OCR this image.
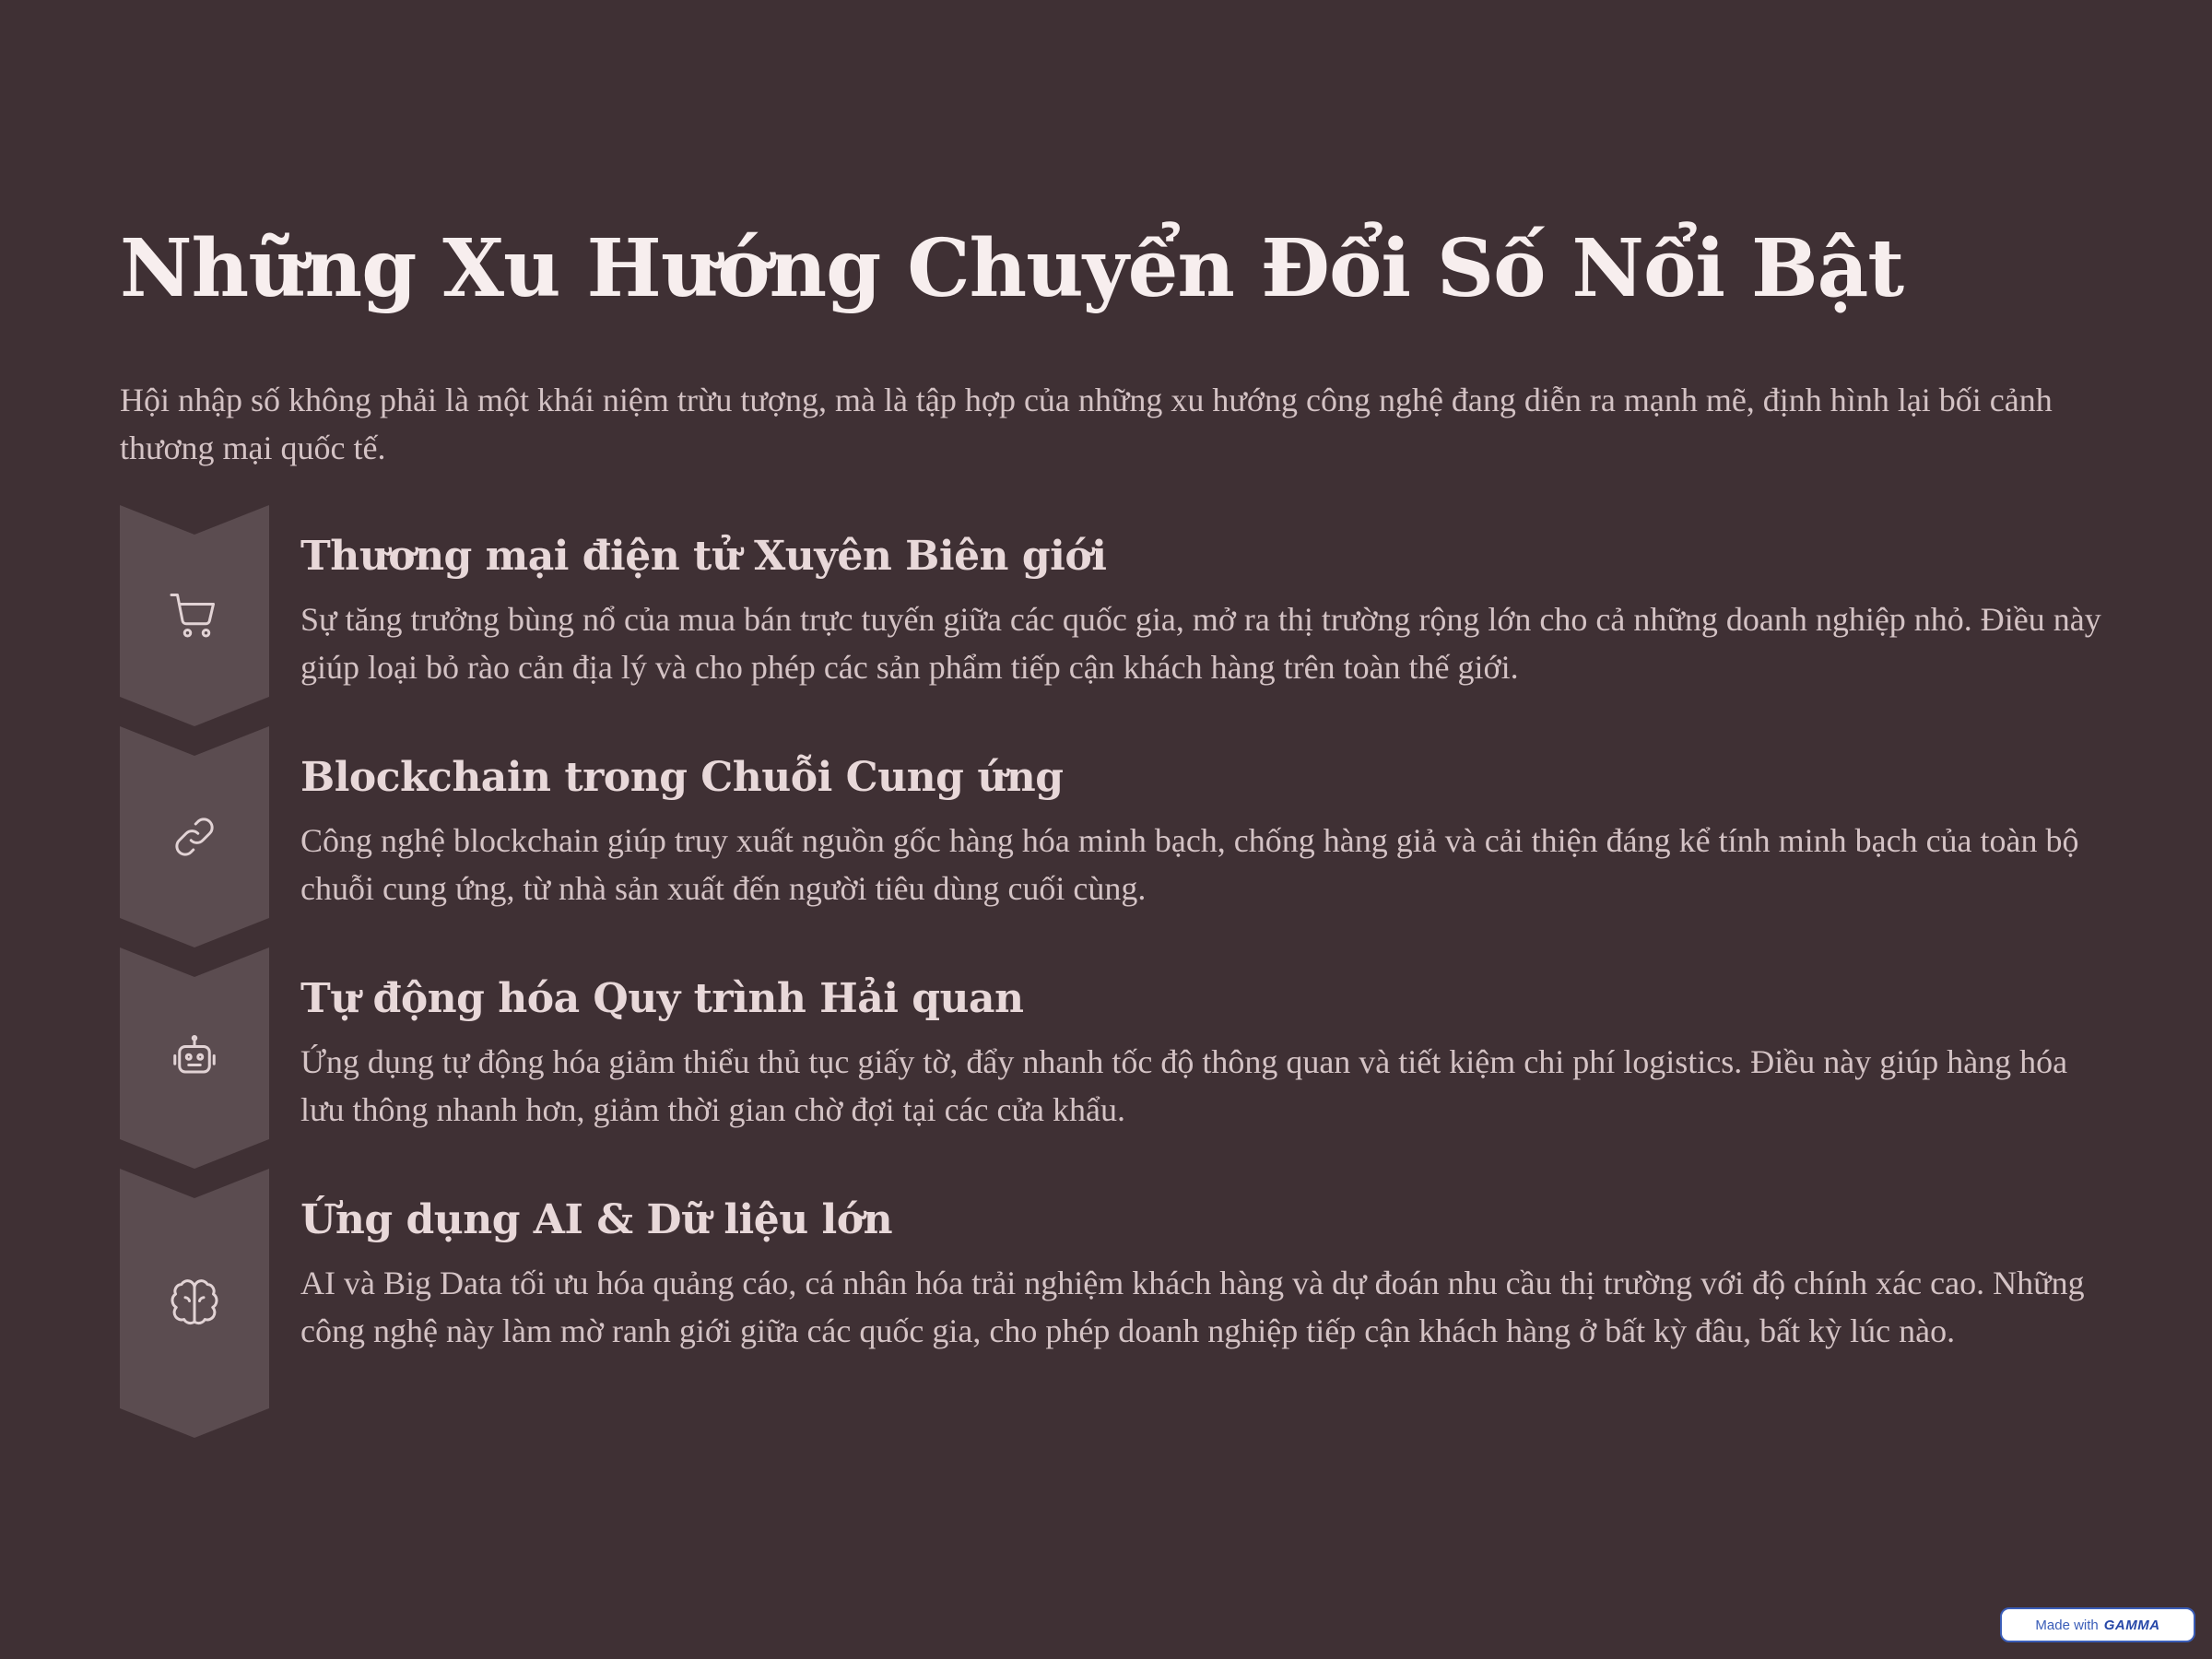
Những Xu Hướng Chuyển Đổi Số Nổi Bật

Hội nhập số không phải là một khái niệm trừu tượng, mà là tập hợp của những xu hướng công nghệ đang diễn ra mạnh mẽ, định hình lại bối cảnh thương mại quốc tế.

Thương mại điện tử Xuyên Biên giới

Sự tăng trưởng bùng nổ của mua bán trực tuyến giữa các quốc gia, mở ra thị trường rộng lớn cho cả những doanh nghiệp nhỏ. Điều này giúp loại bỏ rào cản địa lý và cho phép các sản phẩm tiếp cận khách hàng trên toàn thế giới.

Blockchain trong Chuỗi Cung ứng

Công nghệ blockchain giúp truy xuất nguồn gốc hàng hóa minh bạch, chống hàng giả và cải thiện đáng kể tính minh bạch của toàn bộ chuỗi cung ứng, từ nhà sản xuất đến người tiêu dùng cuối cùng.

Tự động hóa Quy trình Hải quan

Ứng dụng tự động hóa giảm thiểu thủ tục giấy tờ, đẩy nhanh tốc độ thông quan và tiết kiệm chi phí logistics. Điều này giúp hàng hóa lưu thông nhanh hơn, giảm thời gian chờ đợi tại các cửa khẩu.

Ứng dụng AI & Dữ liệu lớn

AI và Big Data tối ưu hóa quảng cáo, cá nhân hóa trải nghiệm khách hàng và dự đoán nhu cầu thị trường với độ chính xác cao. Những công nghệ này làm mờ ranh giới giữa các quốc gia, cho phép doanh nghiệp tiếp cận khách hàng ở bất kỳ đâu, bất kỳ lúc nào.

Made with GAMMA
